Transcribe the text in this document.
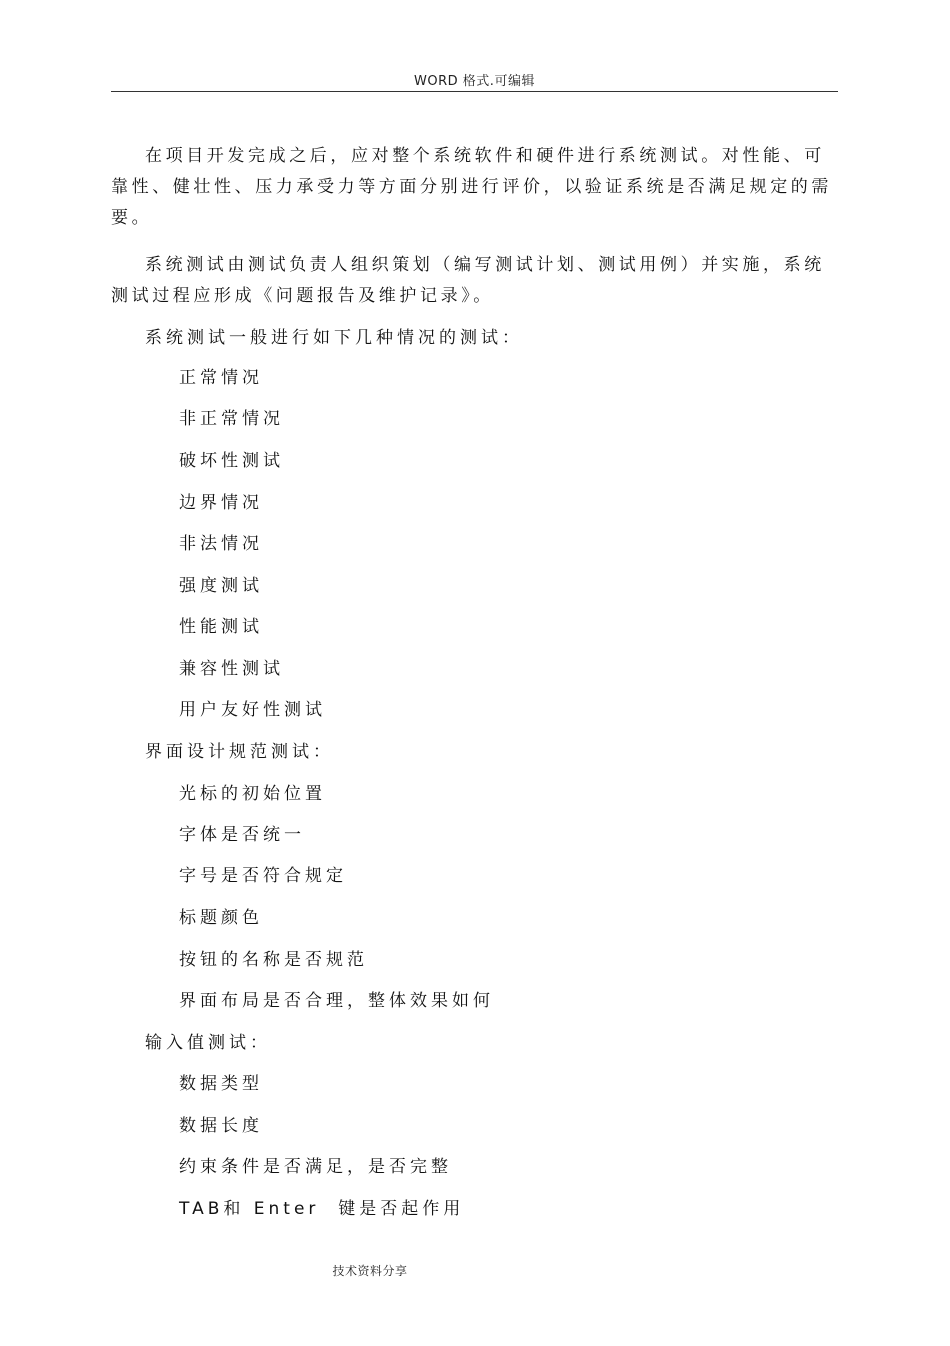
WORD 格式.可编辑

在项目开发完成之后，应对整个系统软件和硬件进行系统测试。对性能、可靠性、健壮性、压力承受力等方面分别进行评价，以验证系统是否满足规定的需要。

系统测试由测试负责人组织策划（编写测试计划、测试用例）并实施，系统测试过程应形成《问题报告及维护记录》。

系统测试一般进行如下几种情况的测试：
正常情况
非正常情况
破坏性测试
边界情况
非法情况
强度测试
性能测试
兼容性测试
用户友好性测试
界面设计规范测试：
光标的初始位置
字体是否统一
字号是否符合规定
标题颜色
按钮的名称是否规范
界面布局是否合理，整体效果如何
输入值测试：
数据类型
数据长度
约束条件是否满足，是否完整
TAB和 Enter  键是否起作用
技术资料分享
